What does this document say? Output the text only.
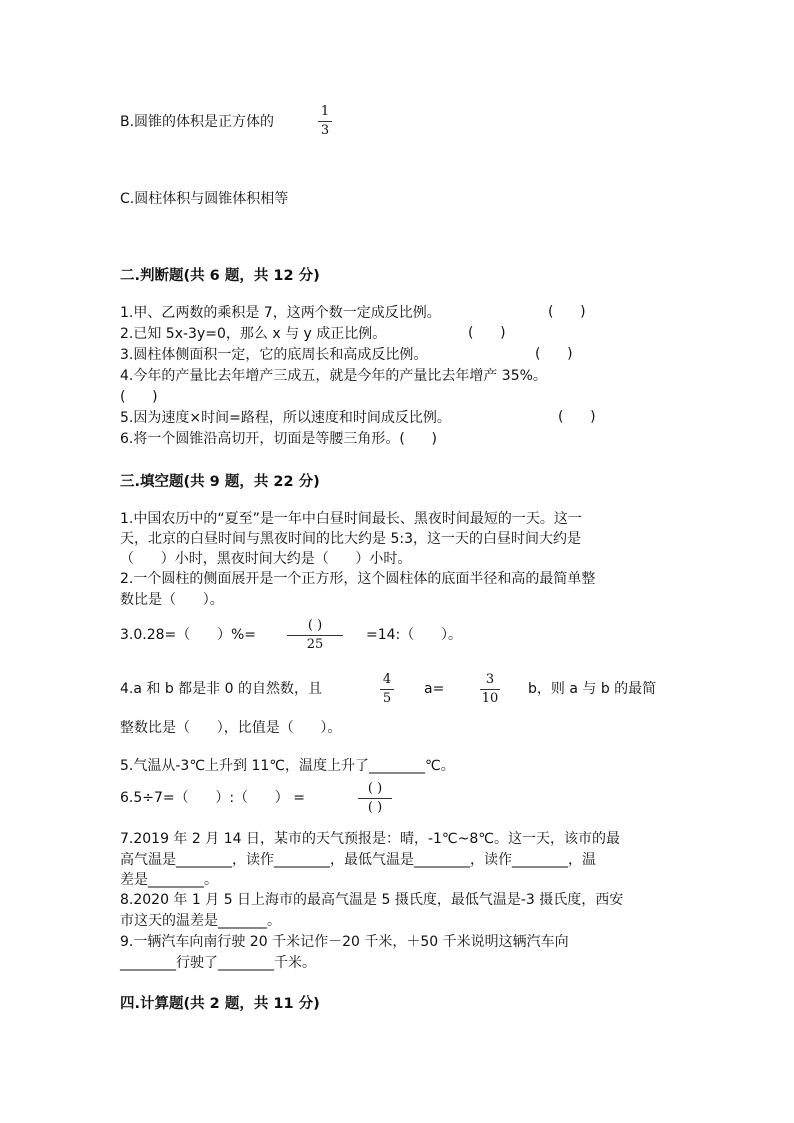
B.圆锥的体积是正方体的
1
3
C.圆柱体积与圆锥体积相等
二.判断题(共 6 题，共 12 分)
1.甲、乙两数的乘积是 7，这两个数一定成反比例。	(      )
2.已知 5x-3y=0，那么 x 与 y 成正比例。	(      )
3.圆柱体侧面积一定，它的底周长和高成反比例。	(      )
4.今年的产量比去年增产三成五，就是今年的产量比去年增产 35%。
(      )
5.因为速度×时间=路程，所以速度和时间成反比例。	(      )
6.将一个圆锥沿高切开，切面是等腰三角形。(      )
三.填空题(共 9 题，共 22 分)
1.中国农历中的“夏至”是一年中白昼时间最长、黑夜时间最短的一天。这一
天，北京的白昼时间与黑夜时间的比大约是 5:3，这一天的白昼时间大约是
（      ）小时，黑夜时间大约是（      ）小时。
2.一个圆柱的侧面展开是一个正方形，这个圆柱体的底面半径和高的最简单整
数比是（      ）。
3.0.28=（      ）%=
( )
25
=14:（      ）。
4.a 和 b 都是非 0 的自然数，且
4
5
a=
3
10
b，则 a 与 b 的最简
整数比是（      ），比值是（      ）。
5.气温从-3℃上升到 11℃，温度上升了________℃。
6.5÷7=（      ）:（      ） =
( )
( )
7.2019 年 2 月 14 日，某市的天气预报是：晴，-1℃~8℃。这一天，该市的最
高气温是________，读作________，最低气温是________，读作________，温
差是________。
8.2020 年 1 月 5 日上海市的最高气温是 5 摄氏度，最低气温是-3 摄氏度，西安
市这天的温差是_______。
9.一辆汽车向南行驶 20 千米记作－20 千米，＋50 千米说明这辆汽车向
________行驶了________千米。
四.计算题(共 2 题，共 11 分)
